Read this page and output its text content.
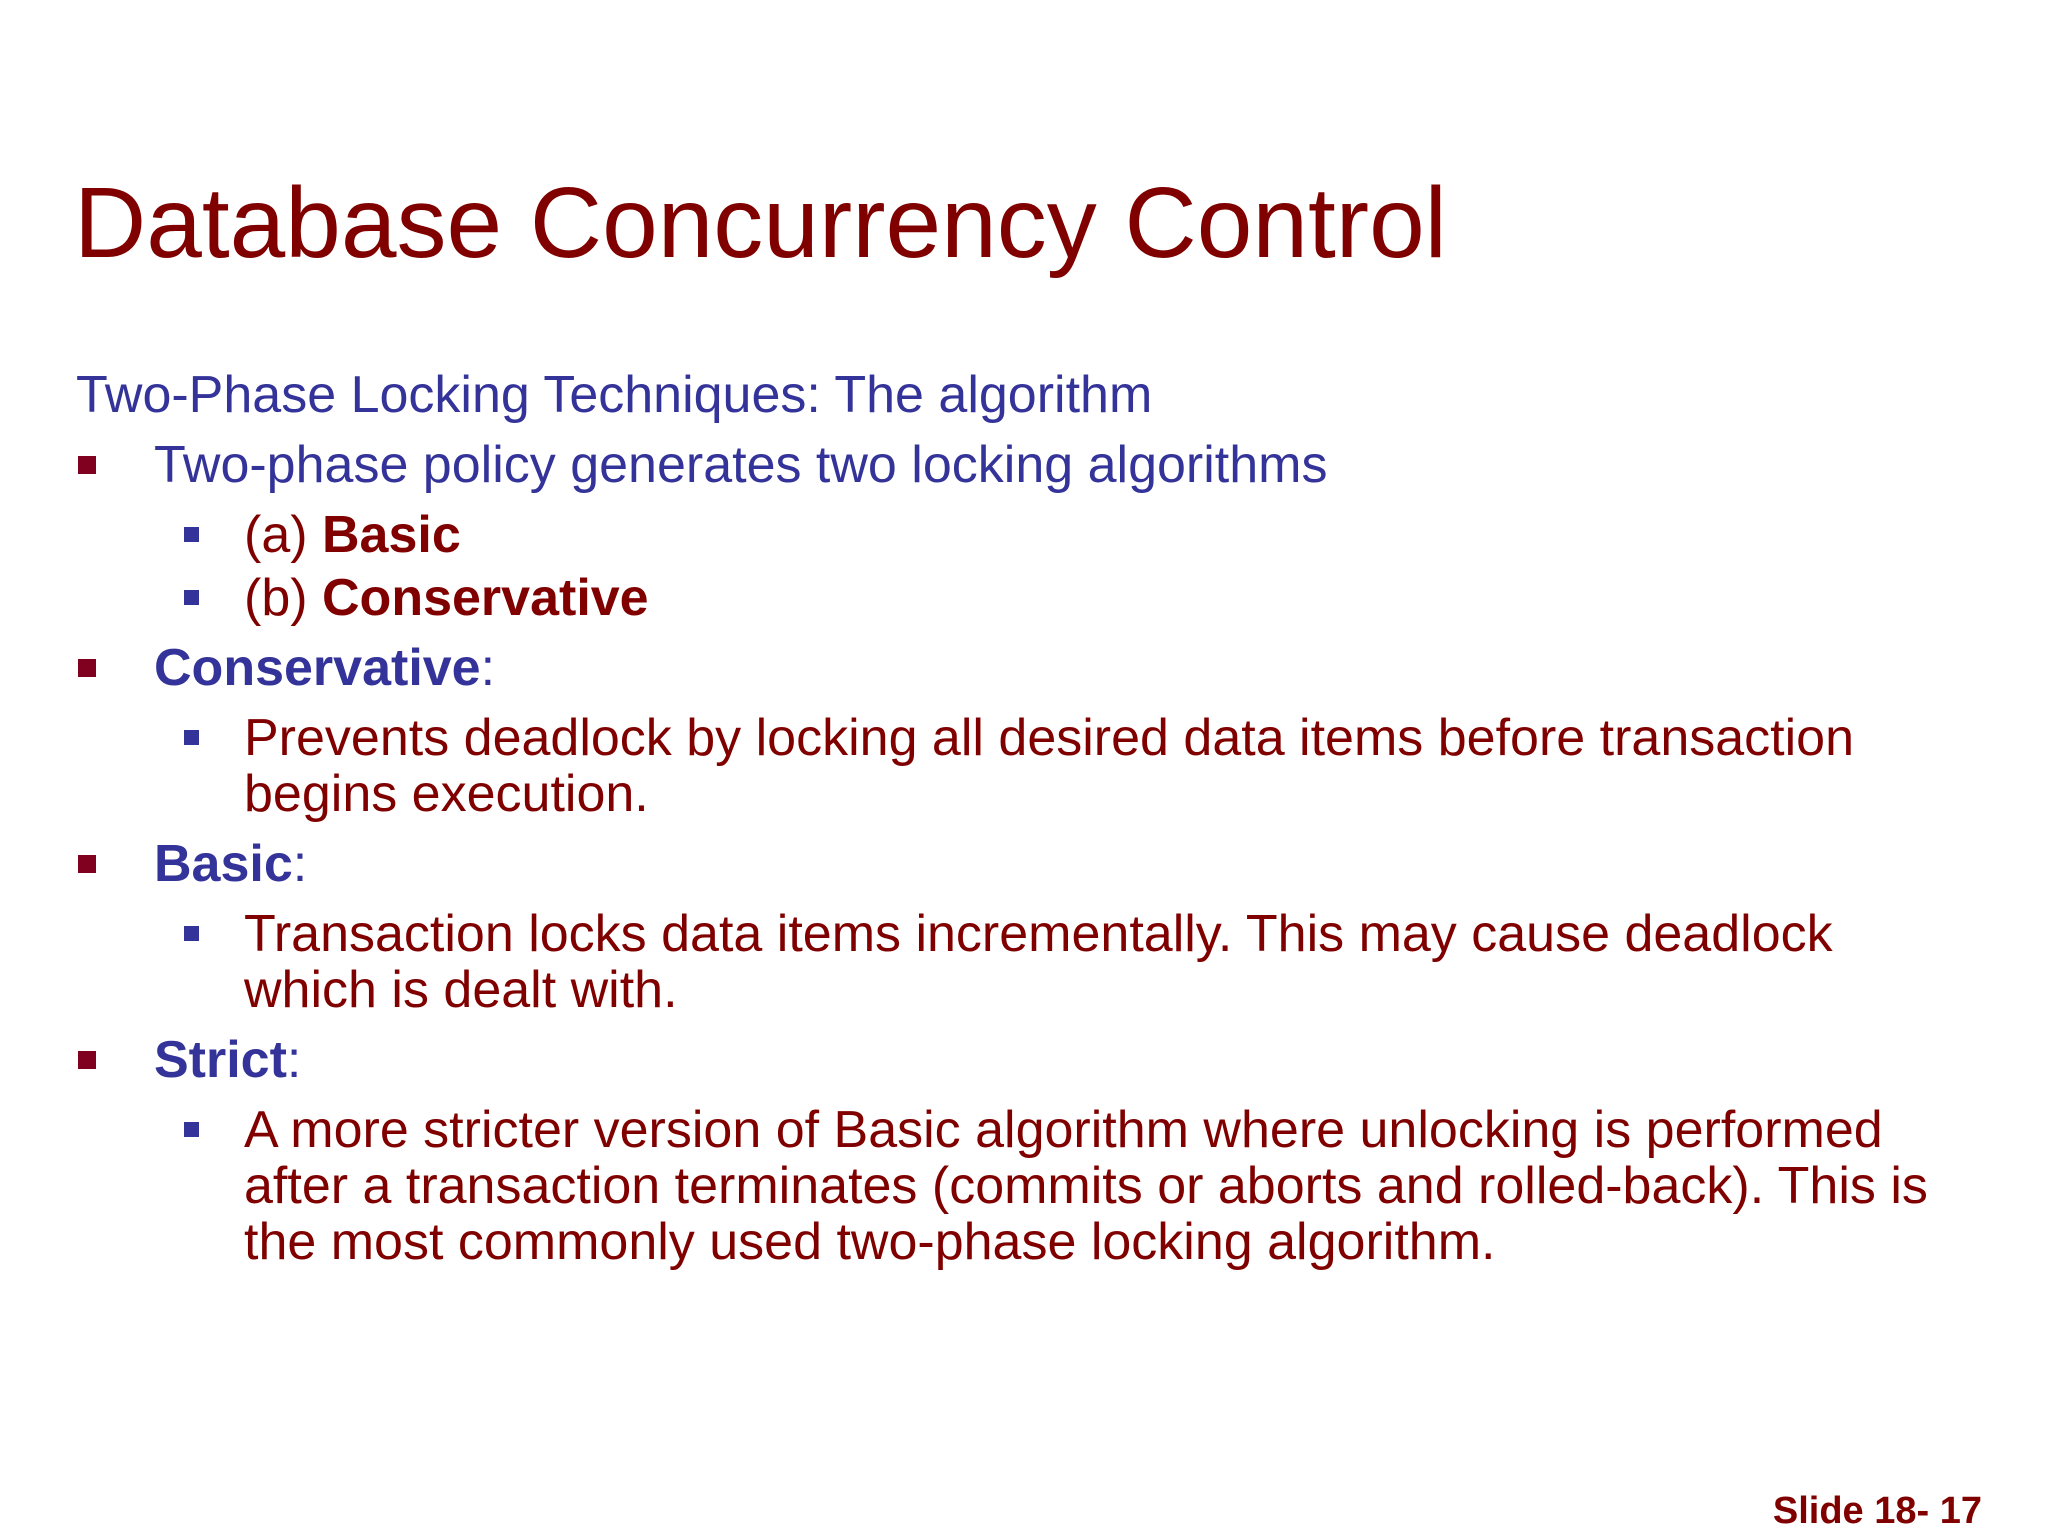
Database Concurrency Control

Two-Phase Locking Techniques: The algorithm

Two-phase policy generates two locking algorithms
(a) Basic
(b) Conservative
Conservative:
Prevents deadlock by locking all desired data items before transaction begins execution.
Basic:
Transaction locks data items incrementally. This may cause deadlock which is dealt with.
Strict:
A more stricter version of Basic algorithm where unlocking is performed after a transaction terminates (commits or aborts and rolled-back). This is the most commonly used two-phase locking algorithm.
Slide 18- 17
